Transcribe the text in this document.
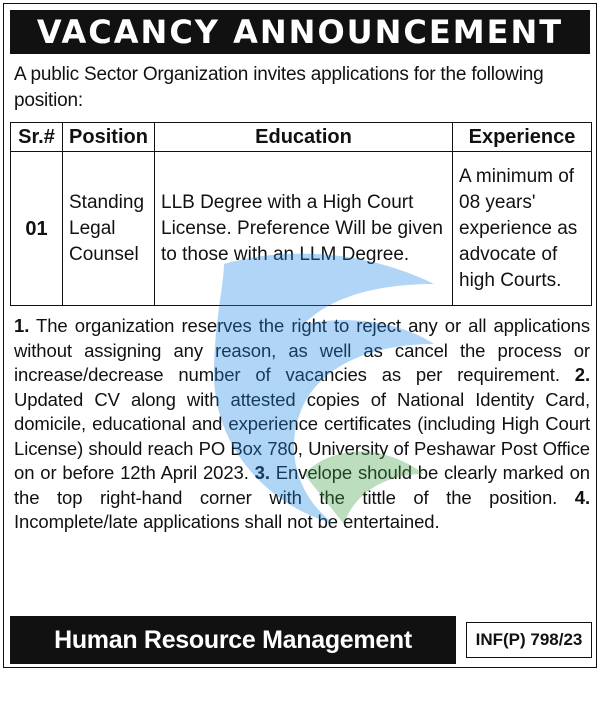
VACANCY ANNOUNCEMENT
A public Sector Organization invites applications for the following position:
Sr.#	Position	Education	Experience
01	Standing Legal Counsel	LLB Degree with a High Court License. Preference Will be given to those with an LLM Degree.	A minimum of 08 years' experience as advocate of high Courts.
1. The organization reserves the right to reject any or all applications without assigning any reason, as well as cancel the process or increase/decrease number of vacancies as per requirement. 2. Updated CV along with attested copies of National Identity Card, domicile, educational and experience certificates (including High Court License) should reach PO Box 780, University of Peshawar Post Office on or before 12th April 2023. 3. Envelope should be clearly marked on the top right-hand corner with the tittle of the position. 4. Incomplete/late applications shall not be entertained.
Human Resource Management Section
INF(P) 798/23
